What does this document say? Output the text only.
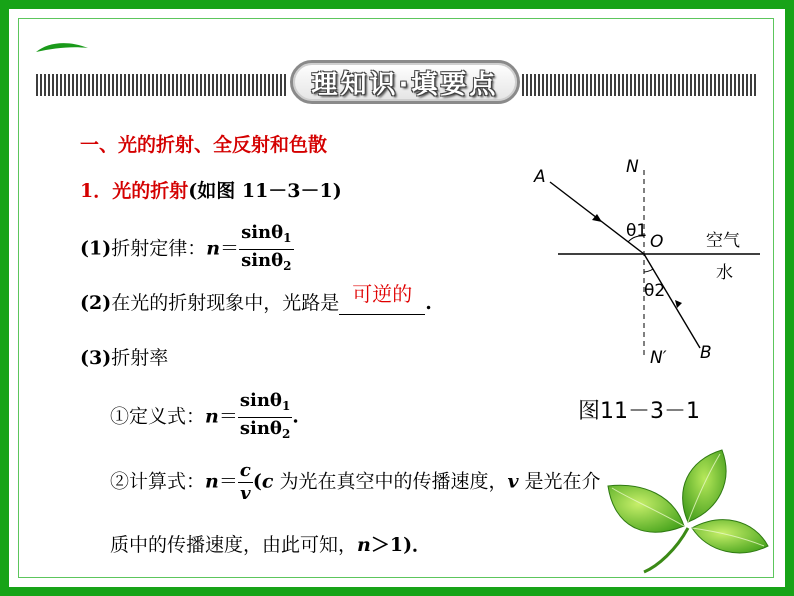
理知识·填要点
一、光的折射、全反射和色散
1．光的折射(如图 11－3－1)
(1)折射定律：$n= \frac{\sin\theta_1}{\sin\theta_2}$
(2)在光的折射现象中，光路是 可逆的 .
(3)折射率
①定义式：$n= \frac{\sin\theta_1}{\sin\theta_2}$ .
②计算式：$n= \frac{c}{v} (c$ 为光在真空中的传播速度，v 是光在介
质中的传播速度，由此可知，n＞1)．
A	N
θ1
O	空气
水
θ2
N′ B
图11－3－1
